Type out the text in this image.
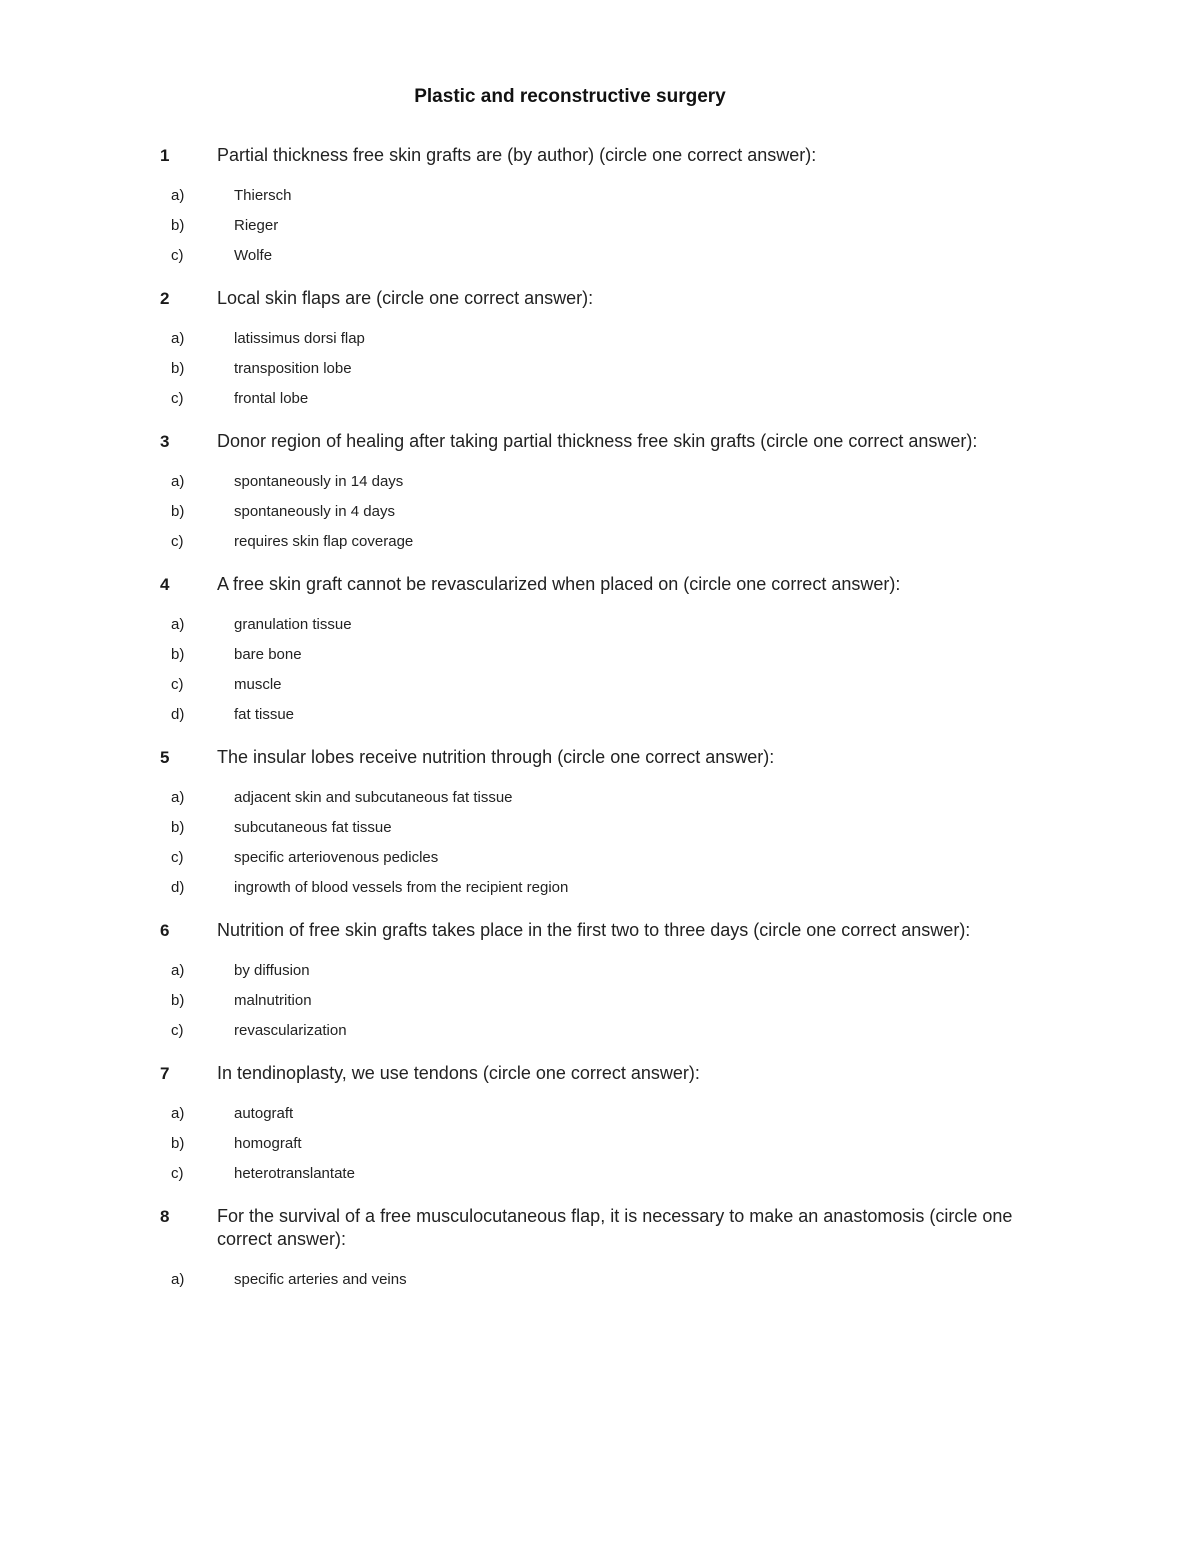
Plastic and reconstructive surgery
1	Partial thickness free skin grafts are (by author) (circle one correct answer):
a)	Thiersch
b)	Rieger
c)	Wolfe
2	Local skin flaps are (circle one correct answer):
a)	latissimus dorsi flap
b)	transposition lobe
c)	frontal lobe
3	Donor region of healing after taking partial thickness free skin grafts (circle one correct answer):
a)	spontaneously in 14 days
b)	spontaneously in 4 days
c)	requires skin flap coverage
4	A free skin graft cannot be revascularized when placed on (circle one correct answer):
a)	granulation tissue
b)	bare bone
c)	muscle
d)	fat tissue
5	The insular lobes receive nutrition through (circle one correct answer):
a)	adjacent skin and subcutaneous fat tissue
b)	subcutaneous fat tissue
c)	specific arteriovenous pedicles
d)	ingrowth of blood vessels from the recipient region
6	Nutrition of free skin grafts takes place in the first two to three days (circle one correct answer):
a)	by diffusion
b)	malnutrition
c)	revascularization
7	In tendinoplasty, we use tendons (circle one correct answer):
a)	autograft
b)	homograft
c)	heterotranslantate
8	For the survival of a free musculocutaneous flap, it is necessary to make an anastomosis (circle one correct answer):
a)	specific arteries and veins
